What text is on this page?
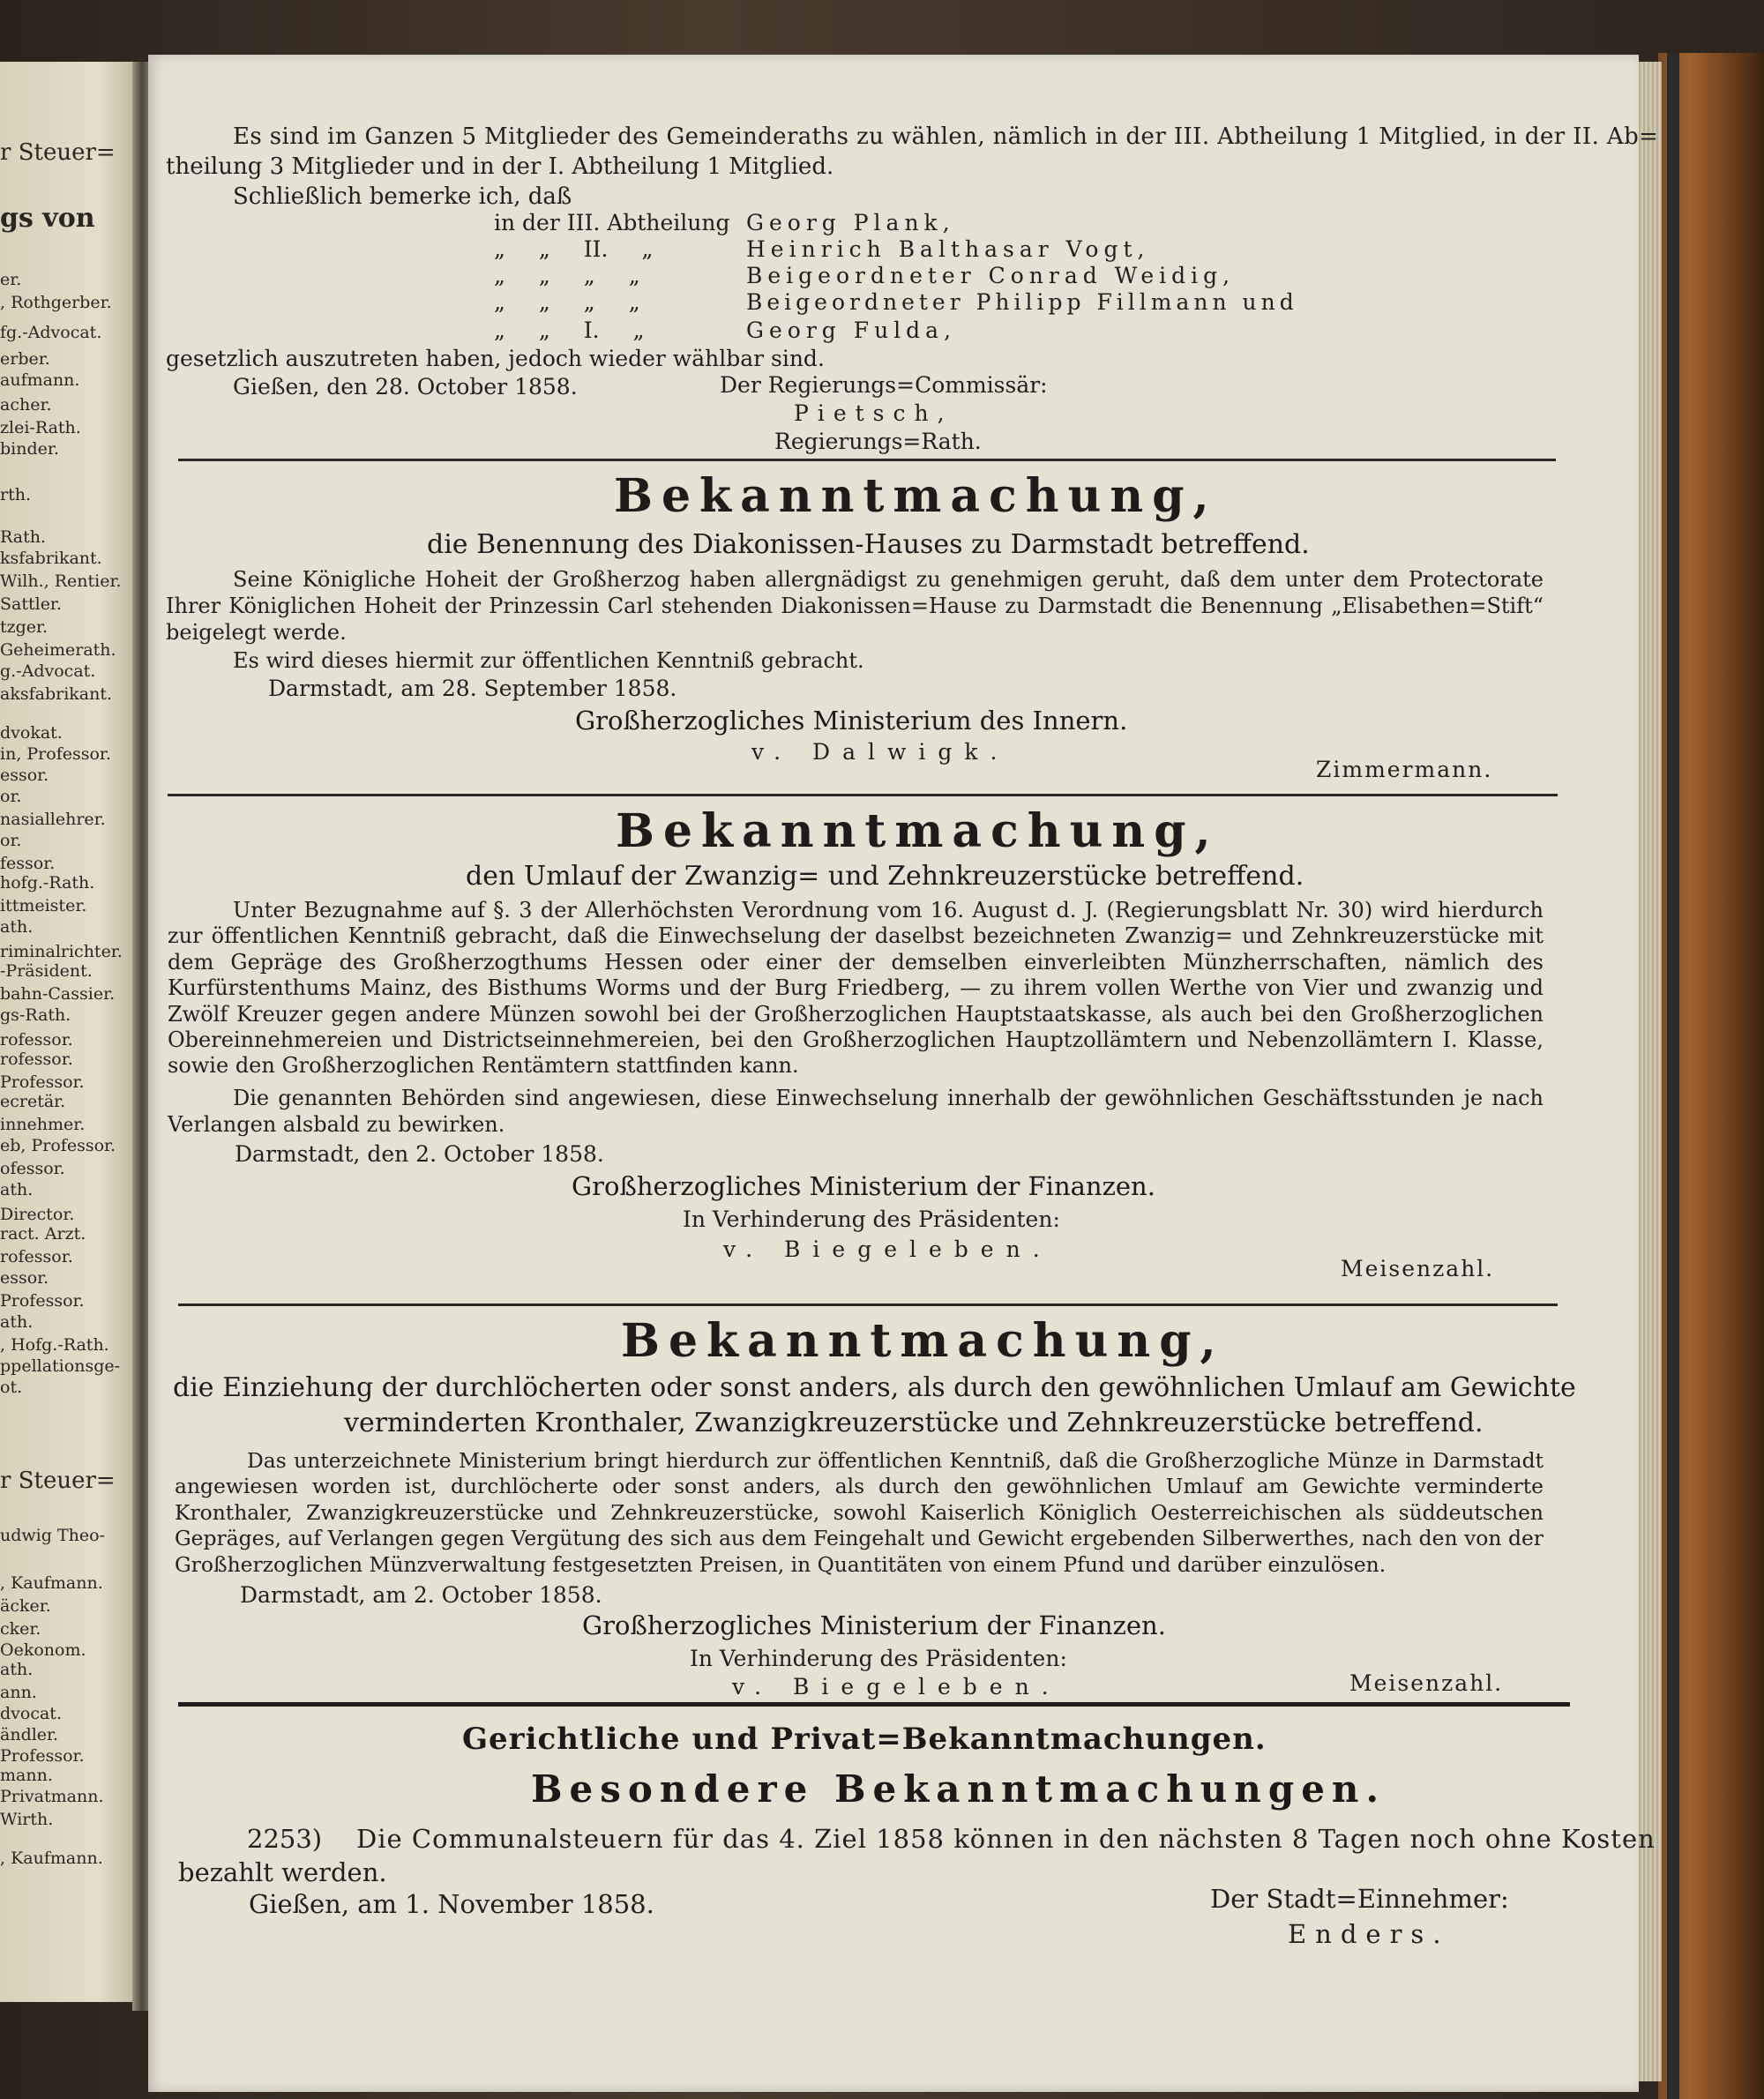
r Steuer=
gs von
er.
, Rothgerber.
fg.-Advocat.
erber.
aufmann.
acher.
zlei-Rath.
binder.
rth.
Rath.
ksfabrikant.
Wilh., Rentier.
Sattler.
tzger.
Geheimerath.
g.-Advocat.
aksfabrikant.
dvokat.
in, Professor.
essor.
or.
nasiallehrer.
or.
fessor.
hofg.-Rath.
ittmeister.
ath.
riminalrichter.
-Präsident.
bahn-Cassier.
gs-Rath.
rofessor.
rofessor.
Professor.
ecretär.
innehmer.
eb, Professor.
ofessor.
ath.
Director.
ract. Arzt.
rofessor.
essor.
Professor.
ath.
, Hofg.-Rath.
ppellationsge-
ot.
r Steuer=
udwig Theo-
, Kaufmann.
äcker.
cker.
Oekonom.
ath.
ann.
dvocat.
ändler.
Professor.
mann.
Privatmann.
Wirth.
, Kaufmann.
Es sind im Ganzen 5 Mitglieder des Gemeinderaths zu wählen, nämlich in der III. Abtheilung 1 Mitglied, in der II. Ab=
theilung 3 Mitglieder und in der I. Abtheilung 1 Mitglied.
Schließlich bemerke ich, daß
in der III. Abtheilung Georg Plank,
„ „ II. „	Heinrich Balthasar Vogt,
„ „ „ „	Beigeordneter Conrad Weidig,
„ „ „ „	Beigeordneter Philipp Fillmann und
„ „ I. „	Georg Fulda,
gesetzlich auszutreten haben, jedoch wieder wählbar sind.
Gießen, den 28. October 1858.	Der Regierungs=Commissär:
Pietsch,
Regierungs=Rath.
Bekanntmachung,
die Benennung des Diakonissen-Hauses zu Darmstadt betreffend.
Seine Königliche Hoheit der Großherzog haben allergnädigst zu genehmigen geruht, daß dem unter dem Protectorate Ihrer Königlichen Hoheit der Prinzessin Carl stehenden Diakonissen=Hause zu Darmstadt die Benennung „Elisabethen=Stift“ beigelegt werde.
Es wird dieses hiermit zur öffentlichen Kenntniß gebracht.
Darmstadt, am 28. September 1858.
Großherzogliches Ministerium des Innern.
v. Dalwigk.
Zimmermann.
Bekanntmachung,
den Umlauf der Zwanzig= und Zehnkreuzerstücke betreffend.
Unter Bezugnahme auf §. 3 der Allerhöchsten Verordnung vom 16. August d. J. (Regierungsblatt Nr. 30) wird hierdurch zur öffentlichen Kenntniß gebracht, daß die Einwechselung der daselbst bezeichneten Zwanzig= und Zehnkreuzerstücke mit dem Gepräge des Großherzogthums Hessen oder einer der demselben einverleibten Münzherrschaften, nämlich des Kurfürstenthums Mainz, des Bisthums Worms und der Burg Friedberg, — zu ihrem vollen Werthe von Vier und zwanzig und Zwölf Kreuzer gegen andere Münzen sowohl bei der Großherzoglichen Hauptstaatskasse, als auch bei den Großherzoglichen Obereinnehmereien und Districtseinnehmereien, bei den Großherzoglichen Hauptzollämtern und Nebenzollämtern I. Klasse, sowie den Großherzoglichen Rentämtern stattfinden kann.
Die genannten Behörden sind angewiesen, diese Einwechselung innerhalb der gewöhnlichen Geschäftsstunden je nach Verlangen alsbald zu bewirken.
Darmstadt, den 2. October 1858.
Großherzogliches Ministerium der Finanzen.
In Verhinderung des Präsidenten:
v. Biegeleben.
Meisenzahl.
Bekanntmachung,
die Einziehung der durchlöcherten oder sonst anders, als durch den gewöhnlichen Umlauf am Gewichte
verminderten Kronthaler, Zwanzigkreuzerstücke und Zehnkreuzerstücke betreffend.
Das unterzeichnete Ministerium bringt hierdurch zur öffentlichen Kenntniß, daß die Großherzogliche Münze in Darmstadt angewiesen worden ist, durchlöcherte oder sonst anders, als durch den gewöhnlichen Umlauf am Gewichte verminderte Kronthaler, Zwanzigkreuzerstücke und Zehnkreuzerstücke, sowohl Kaiserlich Königlich Oesterreichischen als süddeutschen Gepräges, auf Verlangen gegen Vergütung des sich aus dem Feingehalt und Gewicht ergebenden Silberwerthes, nach den von der Großherzoglichen Münzverwaltung festgesetzten Preisen, in Quantitäten von einem Pfund und darüber einzulösen.
Darmstadt, am 2. October 1858.
Großherzogliches Ministerium der Finanzen.
In Verhinderung des Präsidenten:
v. Biegeleben.	Meisenzahl.
Gerichtliche und Privat=Bekanntmachungen.
Besondere Bekanntmachungen.
2253) Die Communalsteuern für das 4. Ziel 1858 können in den nächsten 8 Tagen noch ohne Kosten
bezahlt werden.
Gießen, am 1. November 1858.	Der Stadt=Einnehmer:
Enders.
